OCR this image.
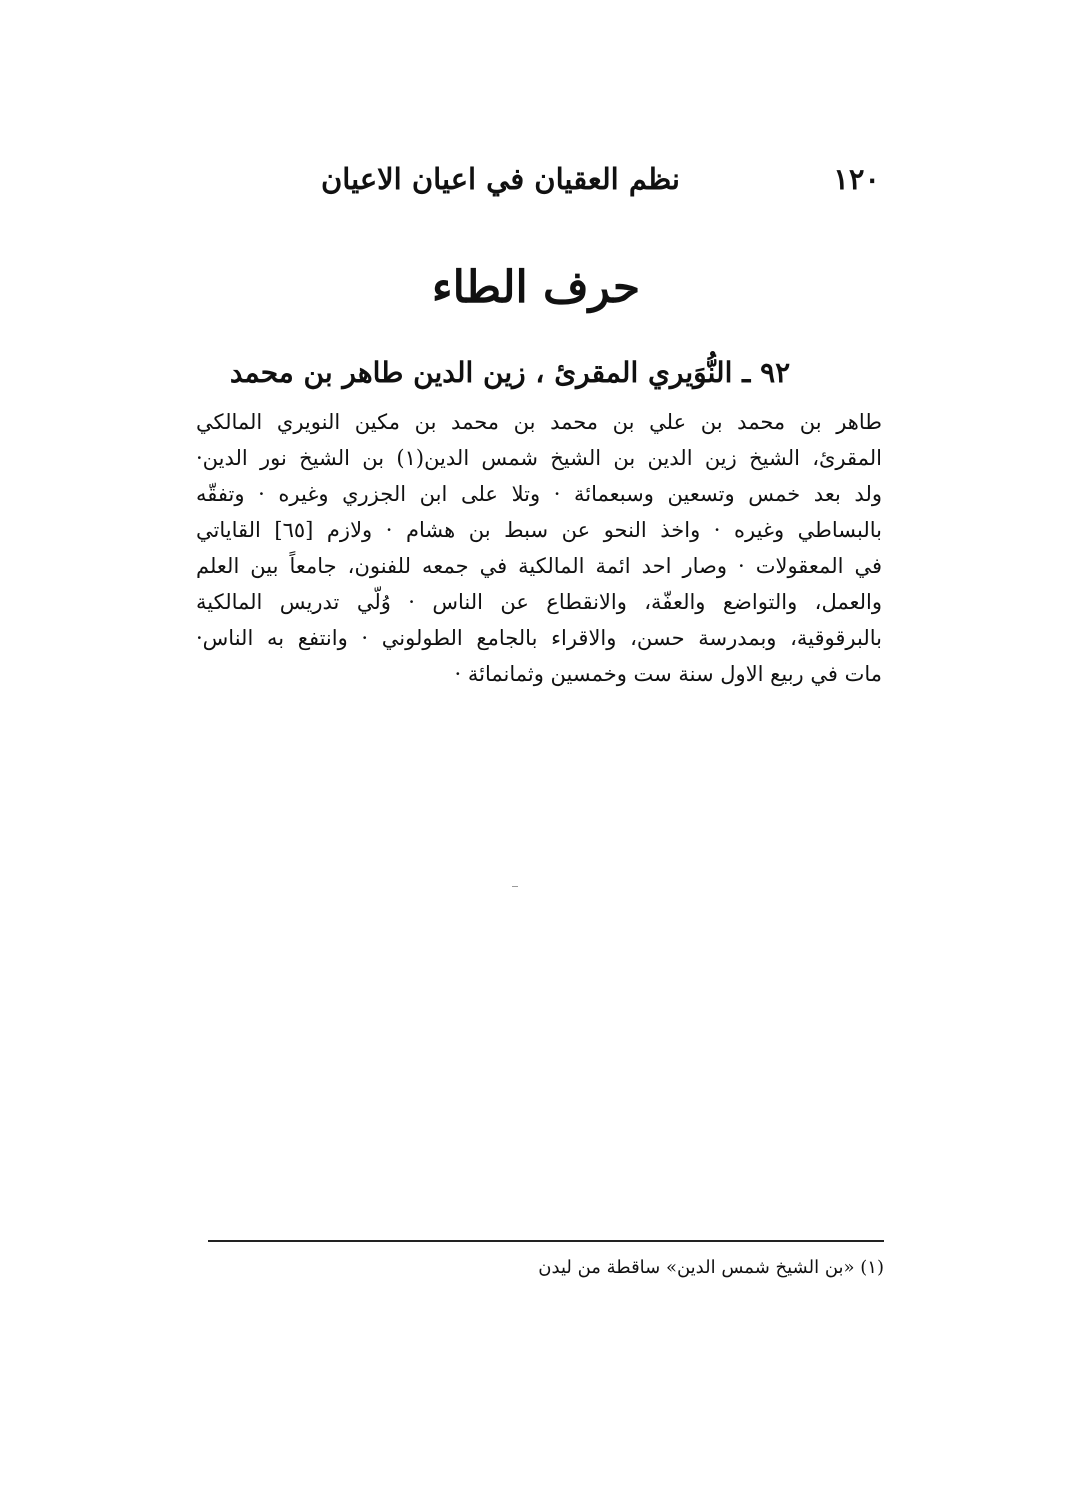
نظم العقيان في اعيان الاعيان	١٢٠
حرف الطاء
٩٢ ـ النُّوَيري المقرئ ، زين الدين طاهر بن محمد
طاهر بن محمد بن علي بن محمد بن محمد بن مكين النويري المالكي
المقرئ، الشيخ زين الدين بن الشيخ شمس الدين(١) بن الشيخ نور الدين·
ولد بعد خمس وتسعين وسبعمائة · وتلا على ابن الجزري وغيره · وتفقّه
بالبساطي وغيره · واخذ النحو عن سبط بن هشام · ولازم [٦٥] القاياتي
في المعقولات · وصار احد ائمة المالكية في جمعه للفنون، جامعاً بين العلم
والعمل، والتواضع والعفّة، والانقطاع عن الناس · وُلّي تدريس المالكية
بالبرقوقية، وبمدرسة حسن، والاقراء بالجامع الطولوني · وانتفع به الناس·
مات في ربيع الاول سنة ست وخمسين وثمانمائة ·
(١) «بن الشيخ شمس الدين» ساقطة من ليدن
